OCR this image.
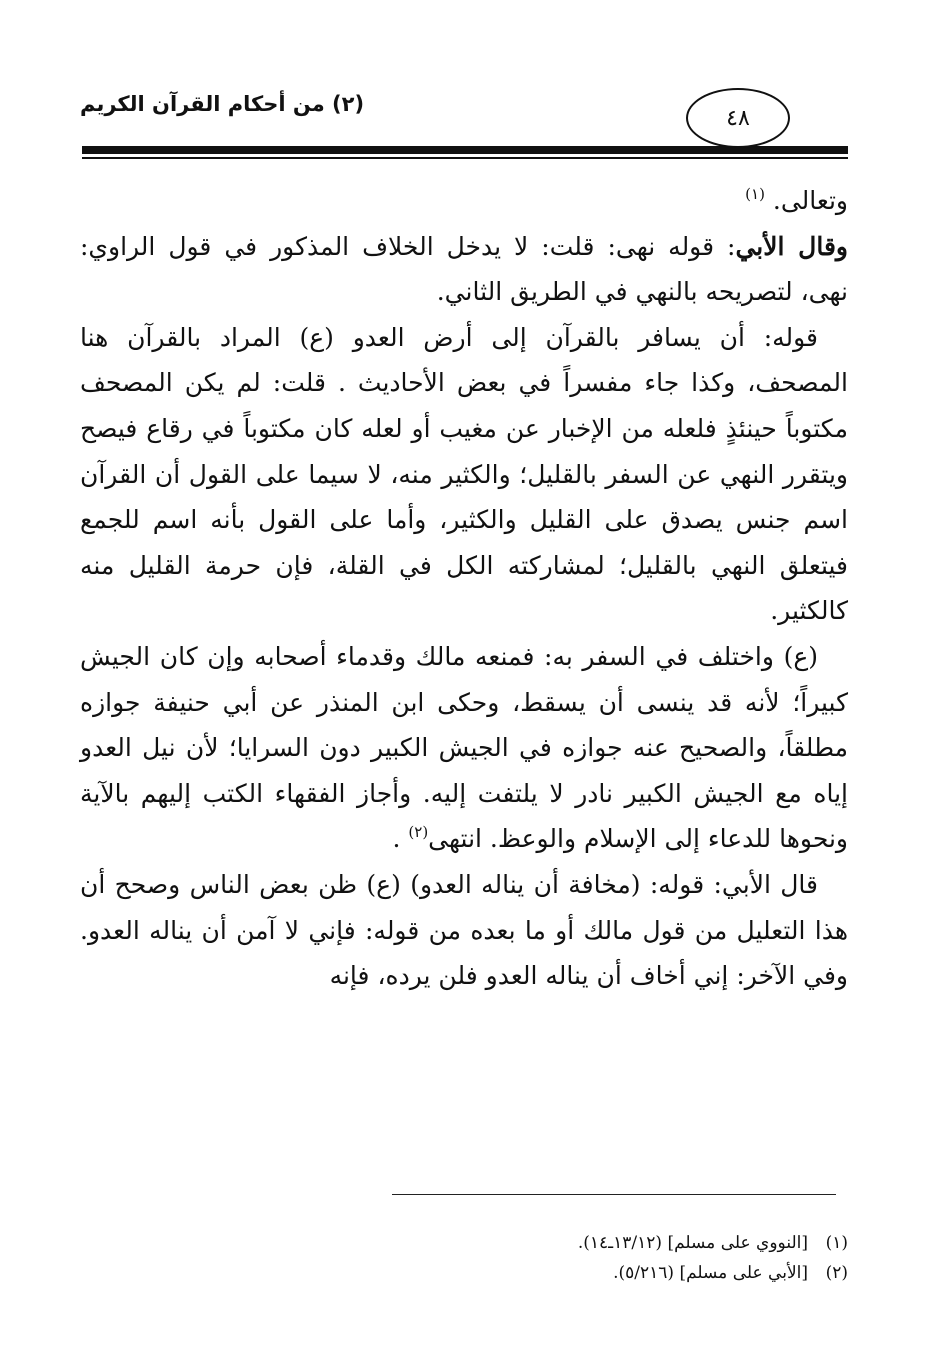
(٢) من أحكام القرآن الكريم
٤٨

وتعالى. $^{(١)}$

وقال الأبي: قوله نهى: قلت: لا يدخل الخلاف المذكور في قول الراوي: نهى، لتصريحه بالنهي في الطريق الثاني.

قوله: أن يسافر بالقرآن إلى أرض العدو (ع) المراد بالقرآن هنا المصحف، وكذا جاء مفسراً في بعض الأحاديث . قلت: لم يكن المصحف مكتوباً حينئذٍ فلعله من الإخبار عن مغيب أو لعله كان مكتوباً في رقاع فيصح ويتقرر النهي عن السفر بالقليل؛ والكثير منه، لا سيما على القول أن القرآن اسم جنس يصدق على القليل والكثير، وأما على القول بأنه اسم للجمع فيتعلق النهي بالقليل؛ لمشاركته الكل في القلة، فإن حرمة القليل منه كالكثير.

(ع) واختلف في السفر به: فمنعه مالك وقدماء أصحابه وإن كان الجيش كبيراً؛ لأنه قد ينسى أن يسقط، وحكى ابن المنذر عن أبي حنيفة جوازه مطلقاً، والصحيح عنه جوازه في الجيش الكبير دون السرايا؛ لأن نيل العدو إياه مع الجيش الكبير نادر لا يلتفت إليه. وأجاز الفقهاء الكتب إليهم بالآية ونحوها للدعاء إلى الإسلام والوعظ. انتهى$^{(٢)}$ .

قال الأبي: قوله: (مخافة أن يناله العدو) (ع) ظن بعض الناس وصحح أن هذا التعليل من قول مالك أو ما بعده من قوله: فإني لا آمن أن يناله العدو. وفي الآخر: إني أخاف أن يناله العدو فلن يرده، فإنه

(١)
[النووي على مسلم] (١٣/١٢ـ١٤).
(٢)
[الأبي على مسلم] (٥/٢١٦).
